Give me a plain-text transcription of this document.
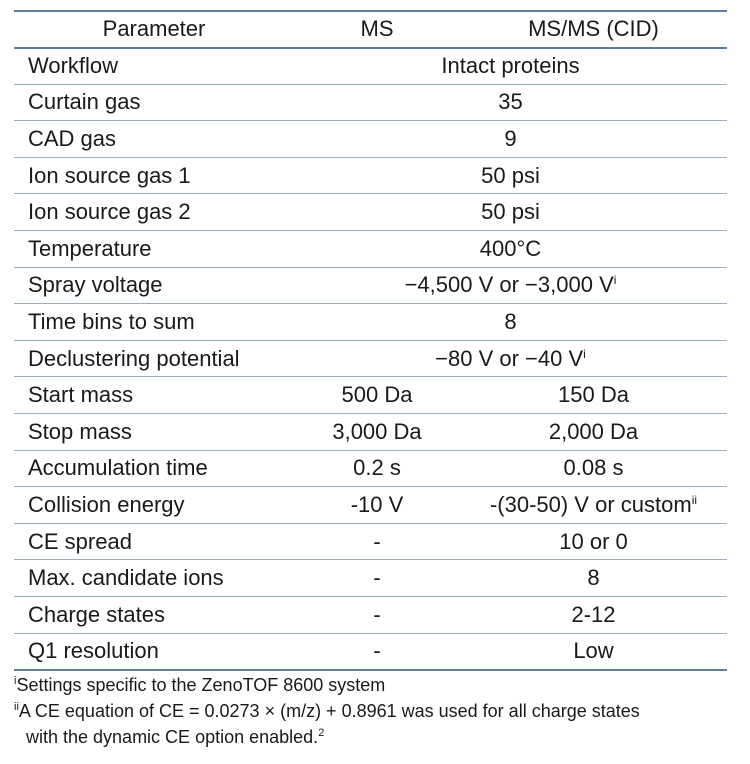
Parameter	MS	MS/MS (CID)
Workflow	Intact proteins	
Curtain gas	35	
CAD gas	9	
Ion source gas 1	50 psi	
Ion source gas 2	50 psi	
Temperature	400°C	
Spray voltage	−4,500 V or −3,000 $V^i$
Time bins to sum	8	
Declustering potential	−80 V or −40 $V^i$
Start mass	500 Da	150 Da
Stop mass	3,000 Da	2,000 Da
Accumulation time	0.2 s	0.08 s
Collision energy	-10 V	-(30-50) V or custom$^{ii}$
CE spread	-	10 or 0
Max. candidate ions	-	8
Charge states	-	2-12
Q1 resolution	-	Low

$^i$Settings specific to the ZenoTOF 8600 system

$^{ii}$A CE equation of CE = 0.0273 × (m/z) + 0.8961 was used for all charge states

with the dynamic CE option enabled.$^2$
